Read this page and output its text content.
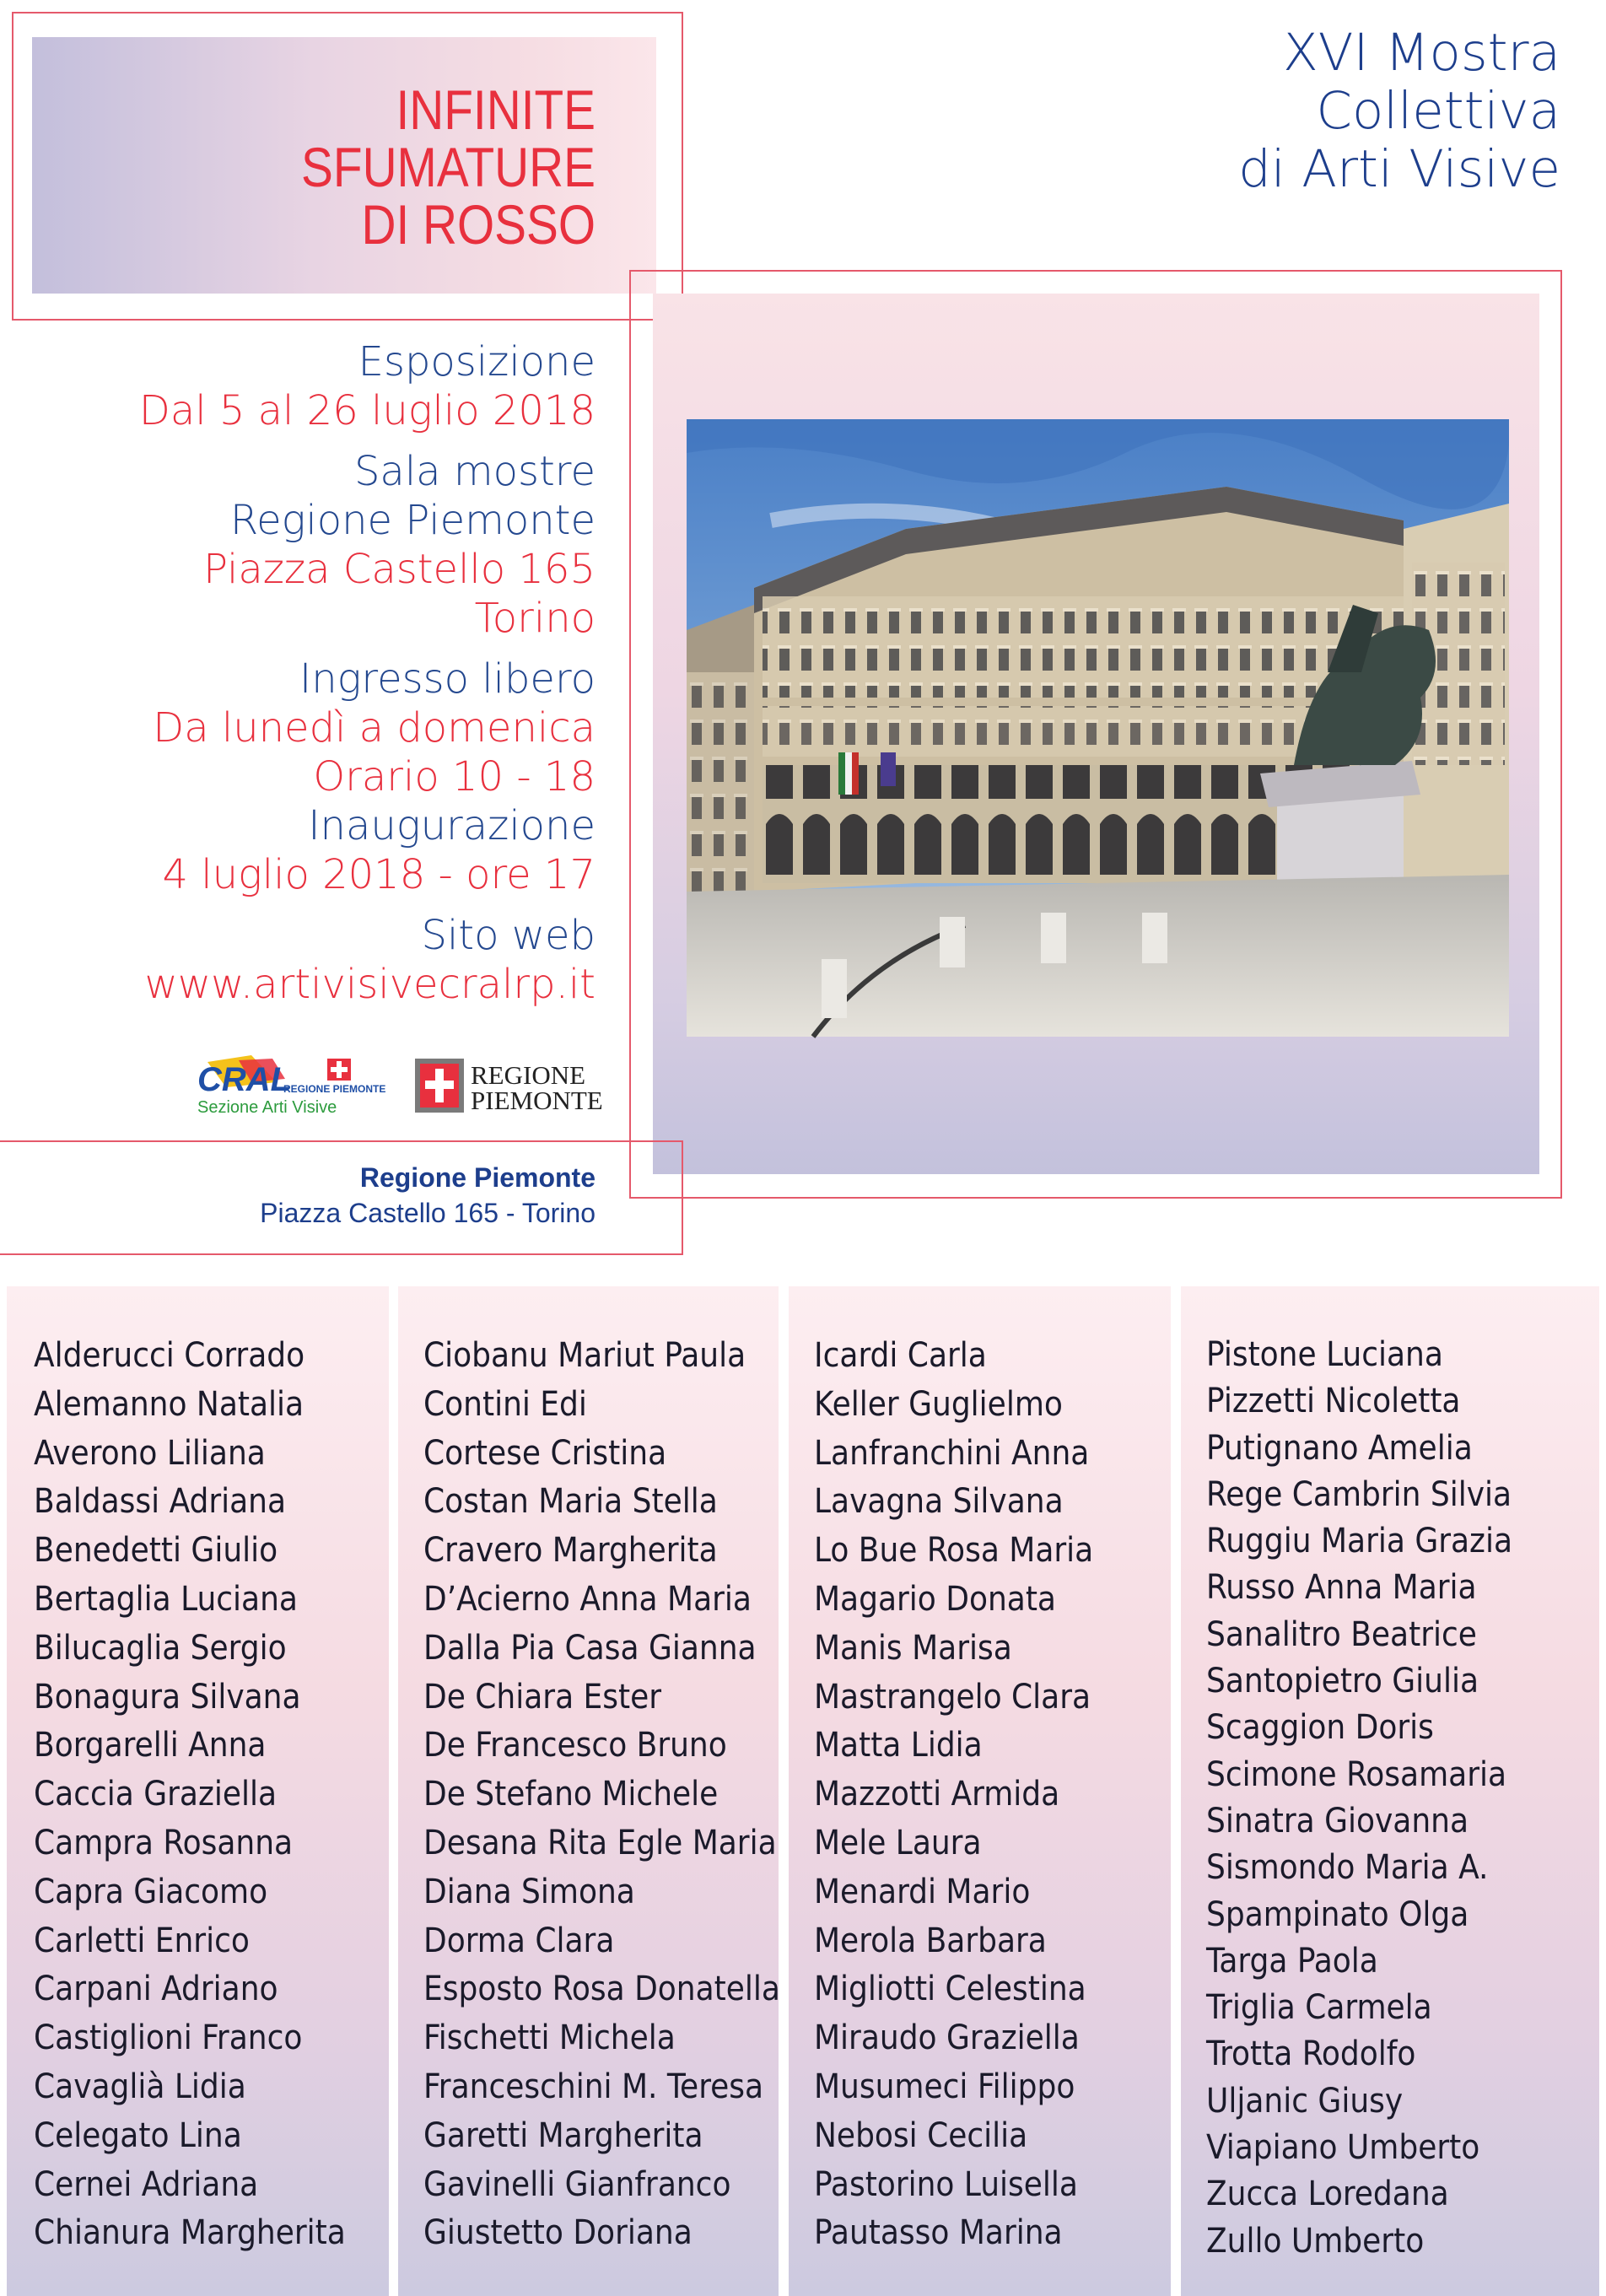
INFINITE
SFUMATURE
DI ROSSO
XVI Mostra
Collettiva
di Arti Visive
Esposizione
Dal 5 al 26 luglio 2018
Sala mostre
Regione Piemonte
Piazza Castello 165
Torino
Ingresso libero
Da lunedì a domenica
Orario 10 - 18
Inaugurazione
4 luglio 2018 - ore 17
Sito web
www.artivisivecralrp.it
CRAL
REGIONE PIEMONTE
Sezione Arti Visive
REGIONE
PIEMONTE
Regione Piemonte
Piazza Castello 165 - Torino
Alderucci Corrado
Alemanno Natalia
Averono Liliana
Baldassi Adriana
Benedetti Giulio
Bertaglia Luciana
Bilucaglia Sergio
Bonagura Silvana
Borgarelli Anna
Caccia Graziella
Campra Rosanna
Capra Giacomo
Carletti Enrico
Carpani Adriano
Castiglioni Franco
Cavaglià Lidia
Celegato Lina
Cernei Adriana
Chianura Margherita
Ciobanu Mariut Paula
Contini Edi
Cortese Cristina
Costan Maria Stella
Cravero Margherita
D’Acierno Anna Maria
Dalla Pia Casa Gianna
De Chiara Ester
De Francesco Bruno
De Stefano Michele
Desana Rita Egle Maria
Diana Simona
Dorma Clara
Esposto Rosa Donatella
Fischetti Michela
Franceschini M. Teresa
Garetti Margherita
Gavinelli Gianfranco
Giustetto Doriana
Icardi Carla
Keller Guglielmo
Lanfranchini Anna
Lavagna Silvana
Lo Bue Rosa Maria
Magario Donata
Manis Marisa
Mastrangelo Clara
Matta Lidia
Mazzotti Armida
Mele Laura
Menardi Mario
Merola Barbara
Migliotti Celestina
Miraudo Graziella
Musumeci Filippo
Nebosi Cecilia
Pastorino Luisella
Pautasso Marina
Pistone Luciana
Pizzetti Nicoletta
Putignano Amelia
Rege Cambrin Silvia
Ruggiu Maria Grazia
Russo Anna Maria
Sanalitro Beatrice
Santopietro Giulia
Scaggion Doris
Scimone Rosamaria
Sinatra Giovanna
Sismondo Maria A.
Spampinato Olga
Targa Paola
Triglia Carmela
Trotta Rodolfo
Uljanic Giusy
Viapiano Umberto
Zucca Loredana
Zullo Umberto
